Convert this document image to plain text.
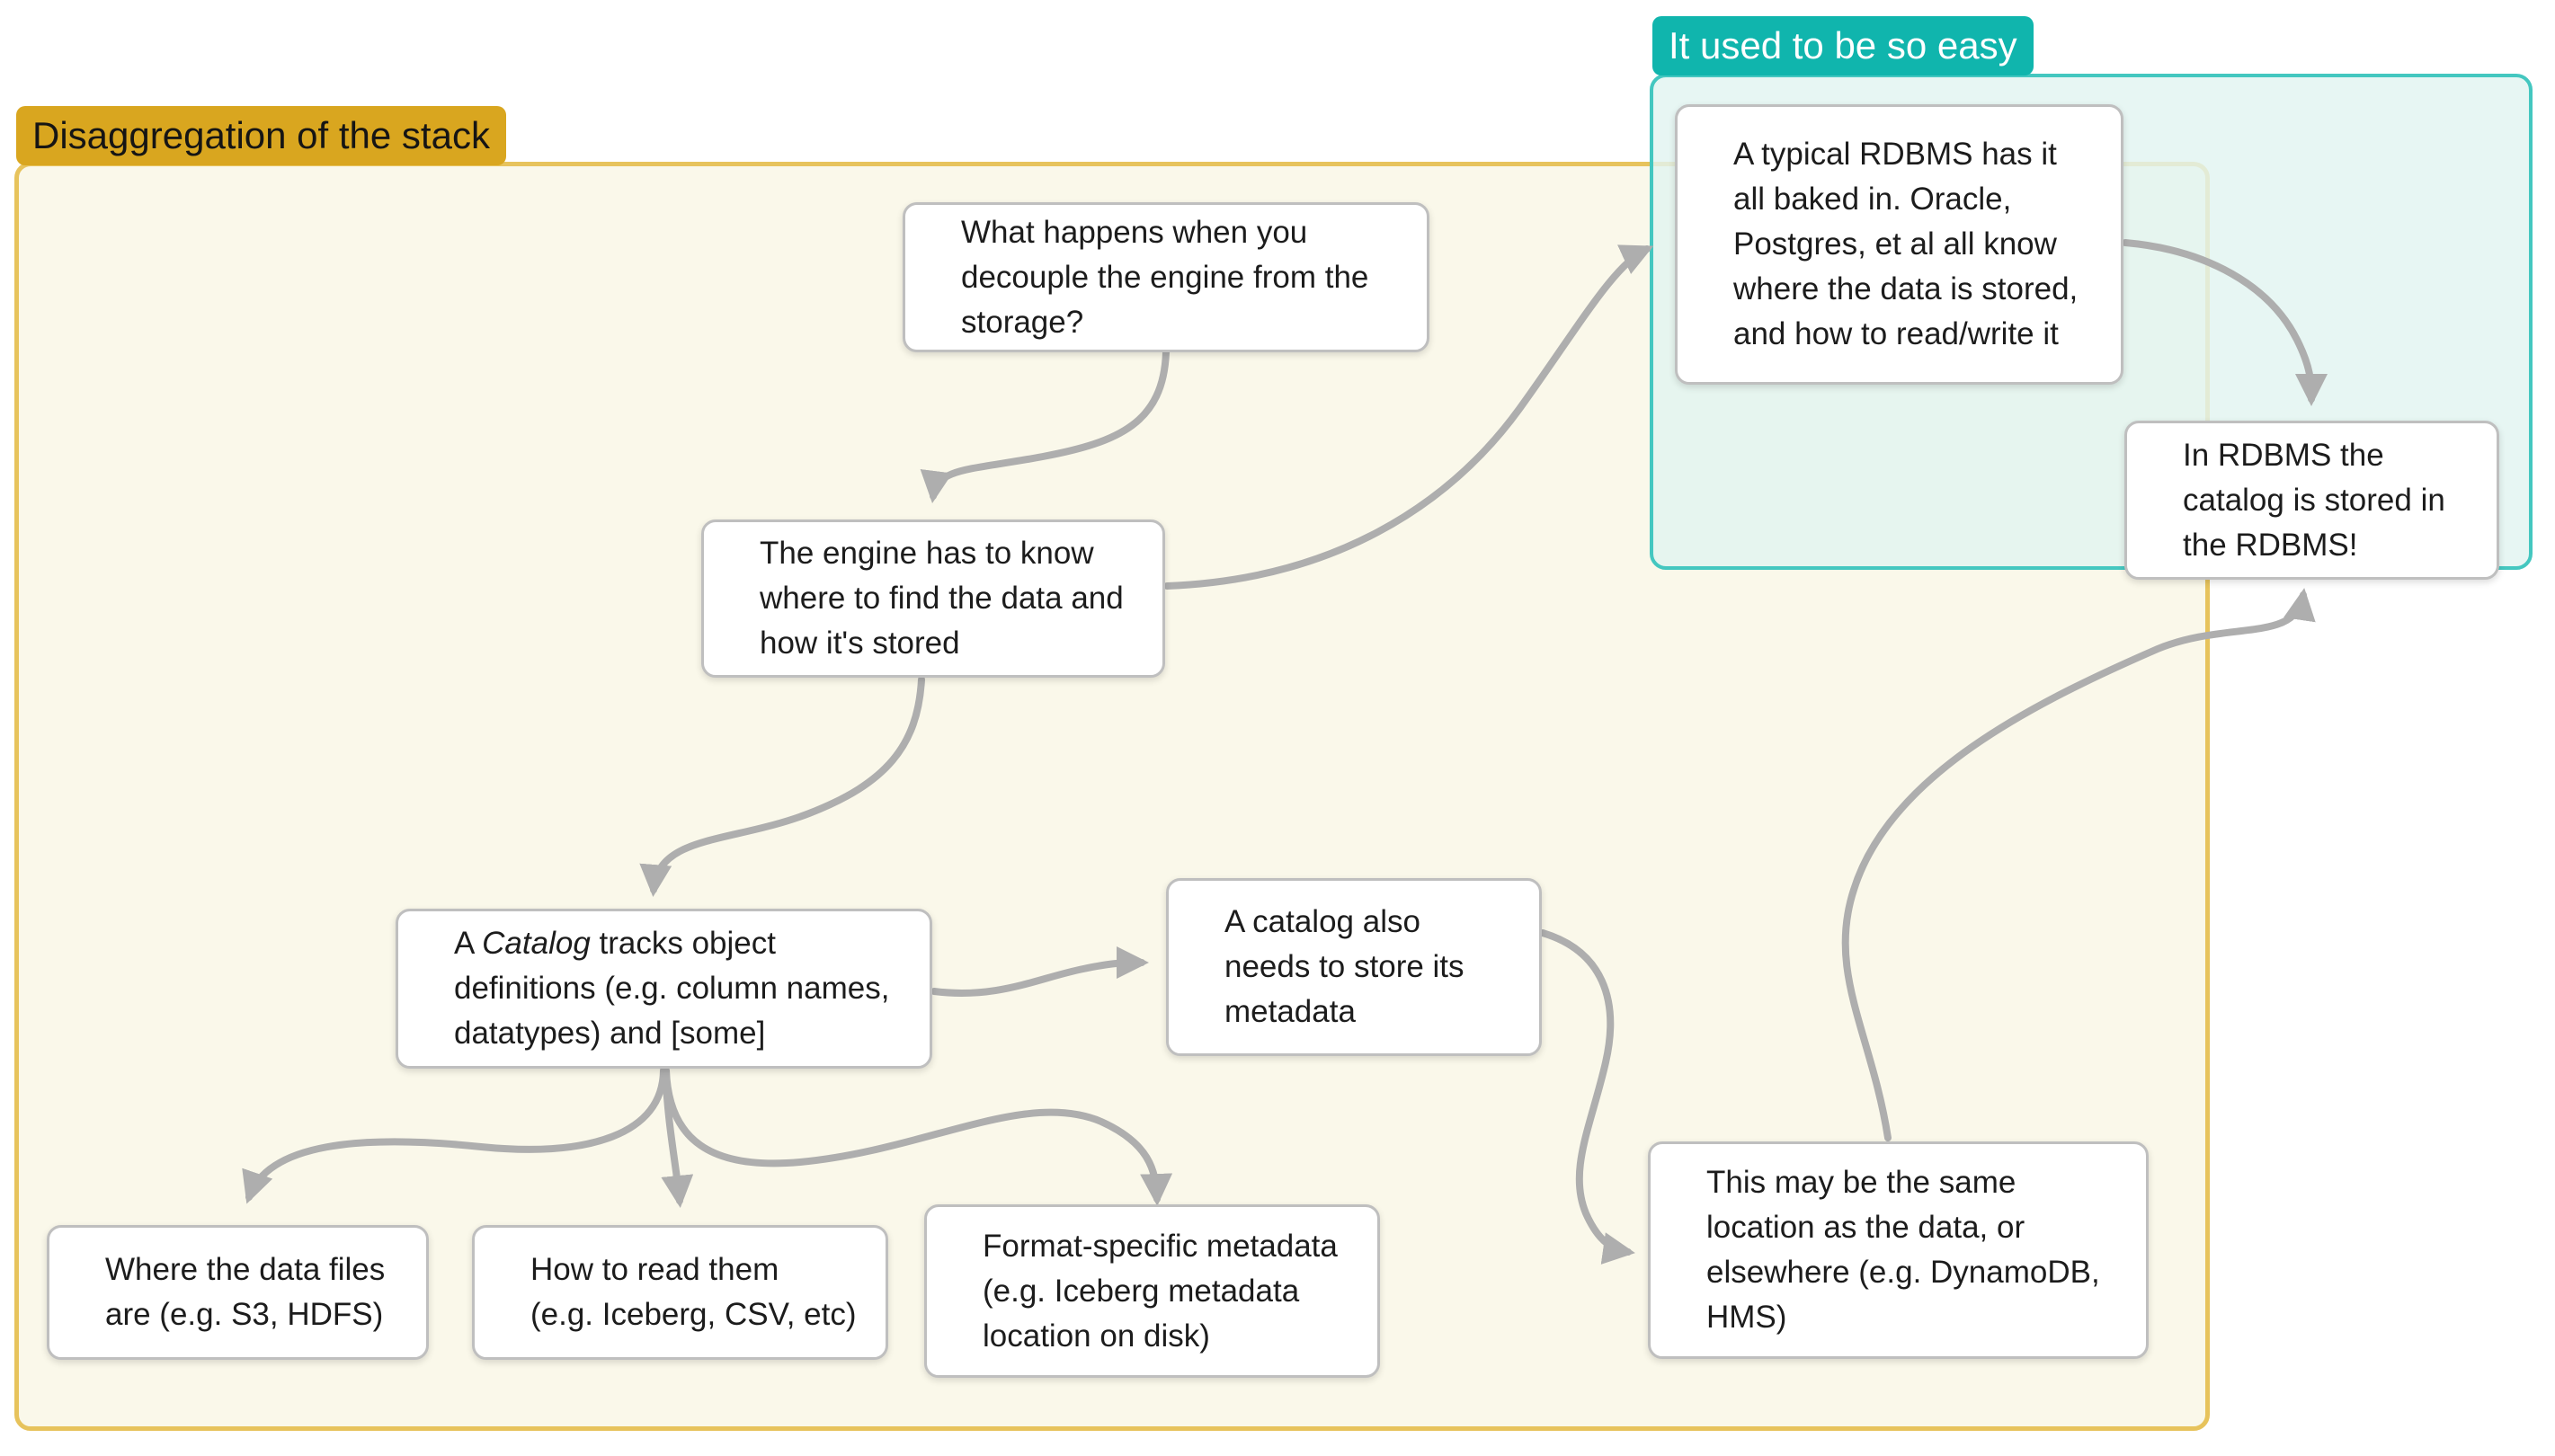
What happens when you
decouple the engine from the
storage?
A typical RDBMS has it
all baked in. Oracle,
Postgres, et al all know
where the data is stored,
and how to read/write it
In RDBMS the
catalog is stored in
the RDBMS!
The engine has to know
where to find the data and
how it's stored
A Catalog tracks object
definitions (e.g. column names,
datatypes) and [some]
A catalog also
needs to store its
metadata
Where the data files
are (e.g. S3, HDFS)
How to read them
(e.g. Iceberg, CSV, etc)
Format-specific metadata
(e.g. Iceberg metadata
location on disk)
This may be the same
location as the data, or
elsewhere (e.g. DynamoDB,
HMS)
Disaggregation of the stack
It used to be so easy
